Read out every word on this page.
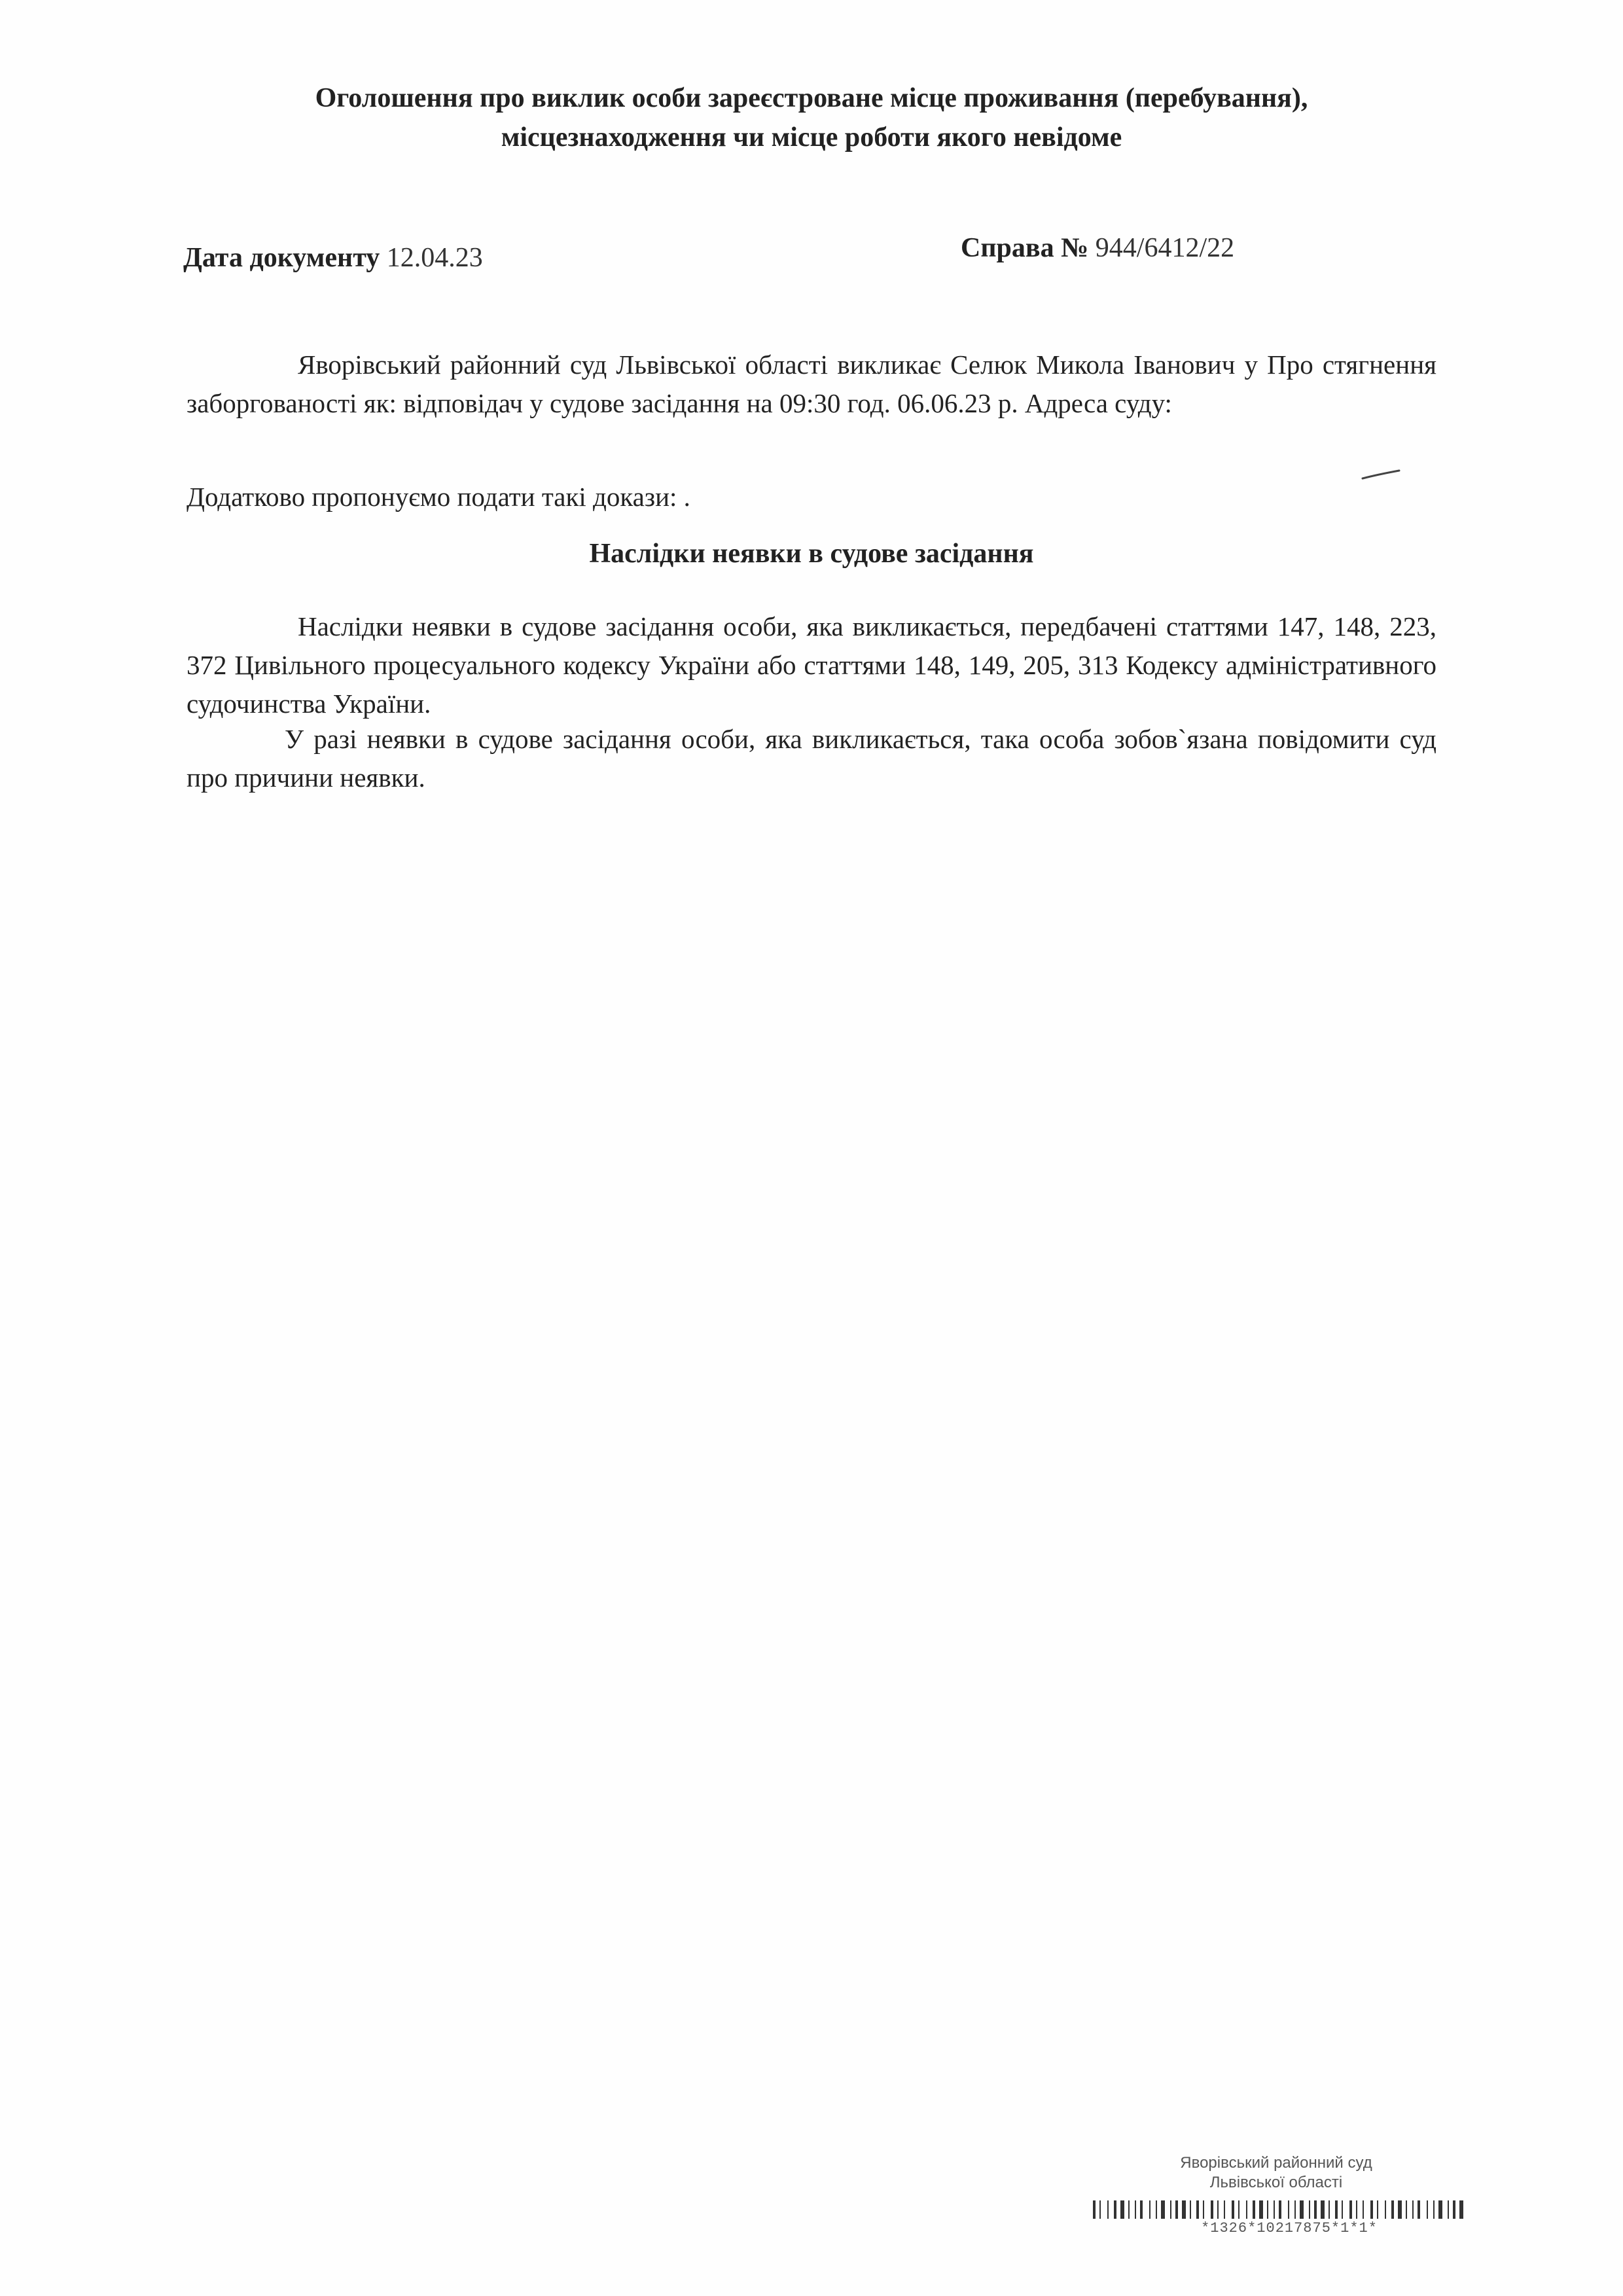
Оголошення про виклик особи зареєстроване місце проживання (перебування),
місцезнаходження чи місце роботи якого невідоме
Дата документу 12.04.23	Справа № 944/6412/22
Яворівський районний суд Львівської області викликає Селюк Микола Іванович у Про стягнення заборгованості як: відповідач у судове засідання на 09:30 год. 06.06.23 р. Адреса суду:
Додатково пропонуємо подати такі докази: .
Наслідки неявки в судове засідання
Наслідки неявки в судове засідання особи, яка викликається, передбачені статтями 147, 148, 223, 372 Цивільного процесуального кодексу України або статтями 148, 149, 205, 313 Кодексу адміністративного судочинства України.
У разі неявки в судове засідання особи, яка викликається, така особа зобов`язана повідомити суд про причини неявки.
Яворівський районний суд
Львівської області
*1326*10217875*1*1*
